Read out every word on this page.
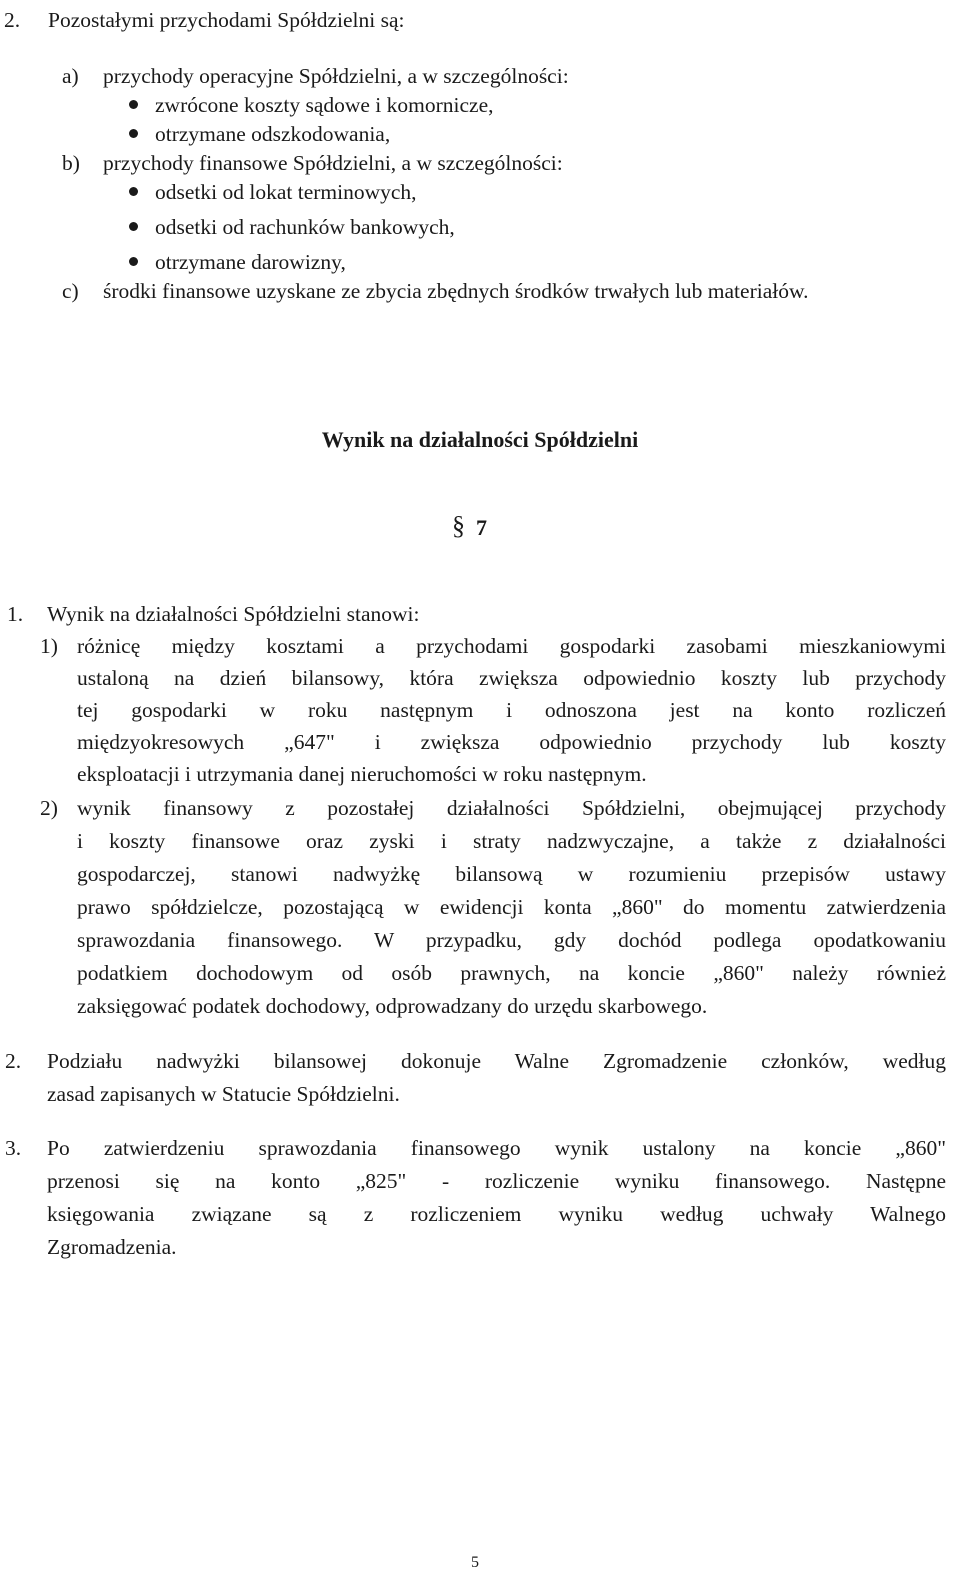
2. Pozostałymi przychodami Spółdzielni są:
a) przychody operacyjne Spółdzielni, a w szczególności:
zwrócone koszty sądowe i komornicze,
otrzymane odszkodowania,
b) przychody finansowe Spółdzielni, a w szczególności:
odsetki od lokat terminowych,
odsetki od rachunków bankowych,
otrzymane darowizny,
c) środki finansowe uzyskane ze zbycia zbędnych środków trwałych lub materiałów.
Wynik na działalności Spółdzielni
§ 7
1. Wynik na działalności Spółdzielni stanowi:
1) różnicę między kosztami a przychodami gospodarki zasobami mieszkaniowymi
ustaloną na dzień bilansowy, która zwiększa odpowiednio koszty lub przychody
tej gospodarki w roku następnym i odnoszona jest na konto rozliczeń
międzyokresowych „647" i zwiększa odpowiednio przychody lub koszty
eksploatacji i utrzymania danej nieruchomości w roku następnym.
2) wynik finansowy z pozostałej działalności Spółdzielni, obejmującej przychody
i koszty finansowe oraz zyski i straty nadzwyczajne, a także z działalności
gospodarczej, stanowi nadwyżkę bilansową w rozumieniu przepisów ustawy
prawo spółdzielcze, pozostającą w ewidencji konta „860" do momentu zatwierdzenia
sprawozdania finansowego. W przypadku, gdy dochód podlega opodatkowaniu
podatkiem dochodowym od osób prawnych, na koncie „860" należy również
zaksięgować podatek dochodowy, odprowadzany do urzędu skarbowego.
2. Podziału nadwyżki bilansowej dokonuje Walne Zgromadzenie członków, według
zasad zapisanych w Statucie Spółdzielni.
3. Po zatwierdzeniu sprawozdania finansowego wynik ustalony na koncie „860"
przenosi się na konto „825" - rozliczenie wyniku finansowego. Następne
księgowania związane są z rozliczeniem wyniku według uchwały Walnego
Zgromadzenia.
5
